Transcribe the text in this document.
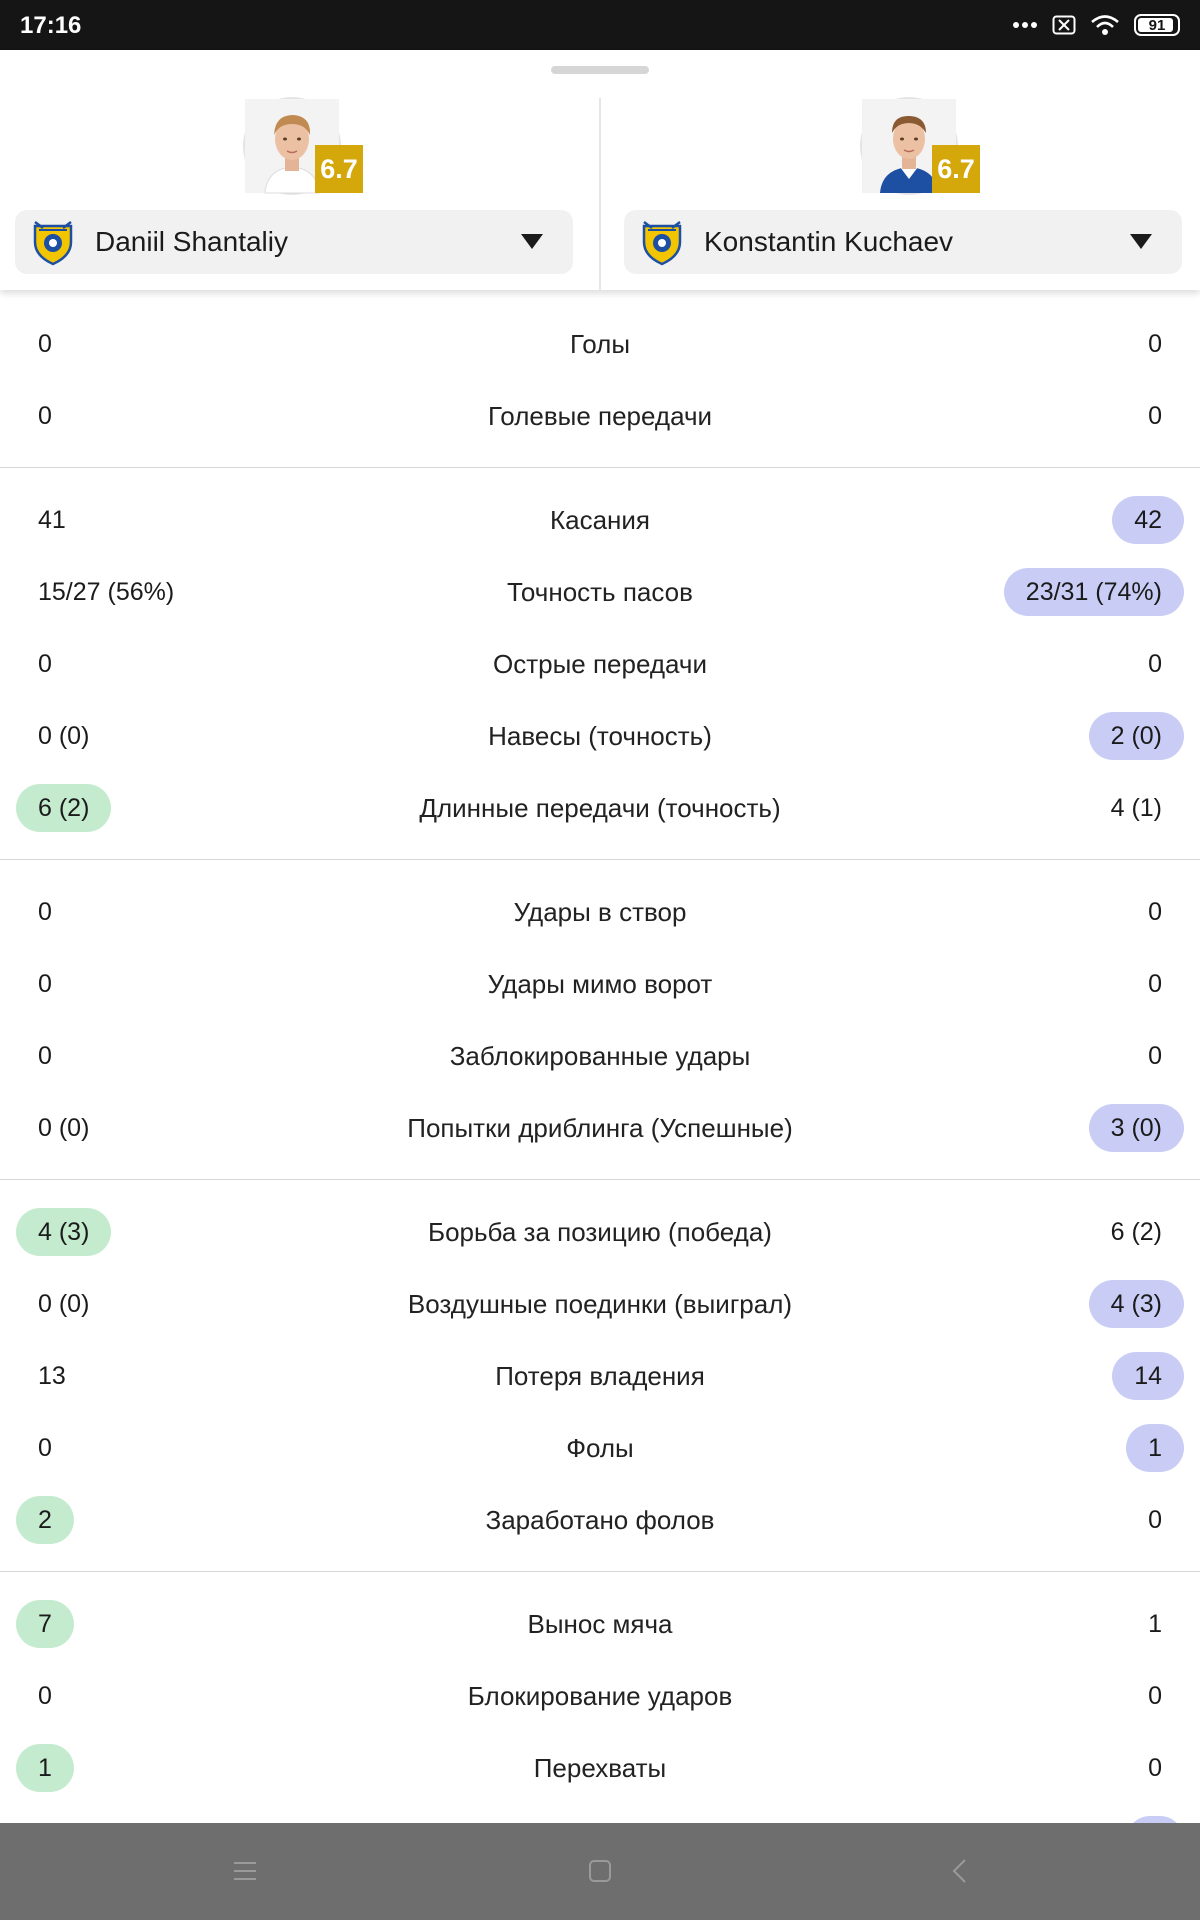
17:16	91
6.7
Daniil Shantaliy
6.7
Konstantin Kuchaev
0	Голы	0
0	Голевые передачи	0
41	Касания	42
15/27 (56%)	Точность пасов	23/31 (74%)
0	Острые передачи	0
0 (0)	Навесы (точность)	2 (0)
6 (2)	Длинные передачи (точность)	4 (1)
0	Удары в створ	0
0	Удары мимо ворот	0
0	Заблокированные удары	0
0 (0)	Попытки дриблинга (Успешные)	3 (0)
4 (3)	Борьба за позицию (победа)	6 (2)
0 (0)	Воздушные поединки (выиграл)	4 (3)
13	Потеря владения	14
0	Фолы	1
2	Заработано фолов	0
7	Вынос мяча	1
0	Блокирование ударов	0
1	Перехваты	0
